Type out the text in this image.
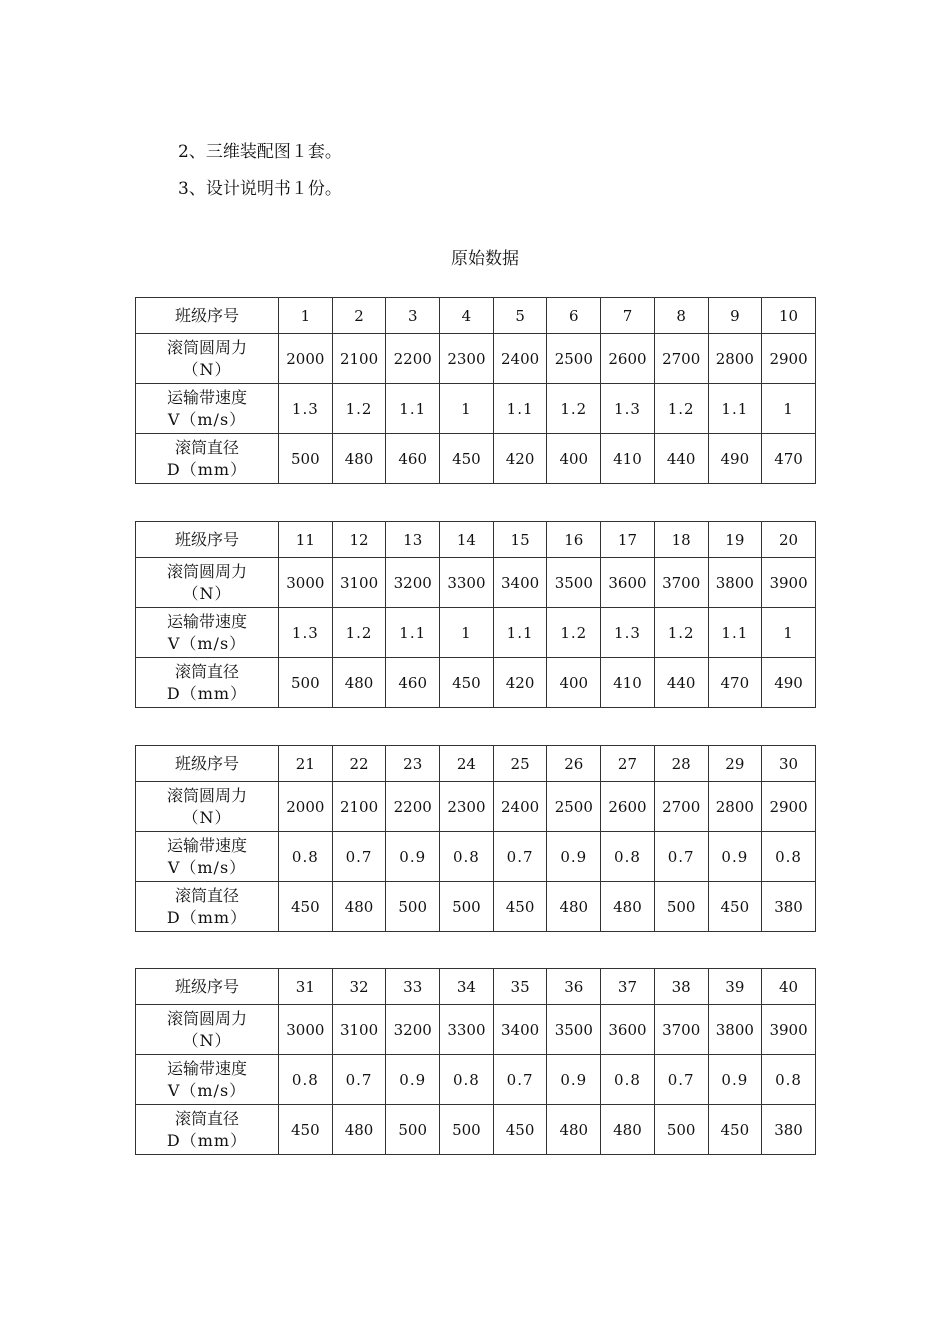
2、三维装配图１套。
3、设计说明书１份。
原始数据
班级序号	1	2	3	4	5	6	7	8	9	10

滚筒圆周力
（N）	2000	2100	2200	2300	2400	2500	2600	2700	2800	2900

运输带速度
V（m/s）	1.3	1.2	1.1	1	1.1	1.2	1.3	1.2	1.1	1

滚筒直径
D（mm）	500	480	460	450	420	400	410	440	490	470
班级序号	11	12	13	14	15	16	17	18	19	20

滚筒圆周力
（N）	3000	3100	3200	3300	3400	3500	3600	3700	3800	3900

运输带速度
V（m/s）	1.3	1.2	1.1	1	1.1	1.2	1.3	1.2	1.1	1

滚筒直径
D（mm）	500	480	460	450	420	400	410	440	470	490
班级序号	21	22	23	24	25	26	27	28	29	30

滚筒圆周力
（N）	2000	2100	2200	2300	2400	2500	2600	2700	2800	2900

运输带速度
V（m/s）	0.8	0.7	0.9	0.8	0.7	0.9	0.8	0.7	0.9	0.8

滚筒直径
D（mm）	450	480	500	500	450	480	480	500	450	380
班级序号	31	32	33	34	35	36	37	38	39	40

滚筒圆周力
（N）	3000	3100	3200	3300	3400	3500	3600	3700	3800	3900

运输带速度
V（m/s）	0.8	0.7	0.9	0.8	0.7	0.9	0.8	0.7	0.9	0.8

滚筒直径
D（mm）	450	480	500	500	450	480	480	500	450	380
